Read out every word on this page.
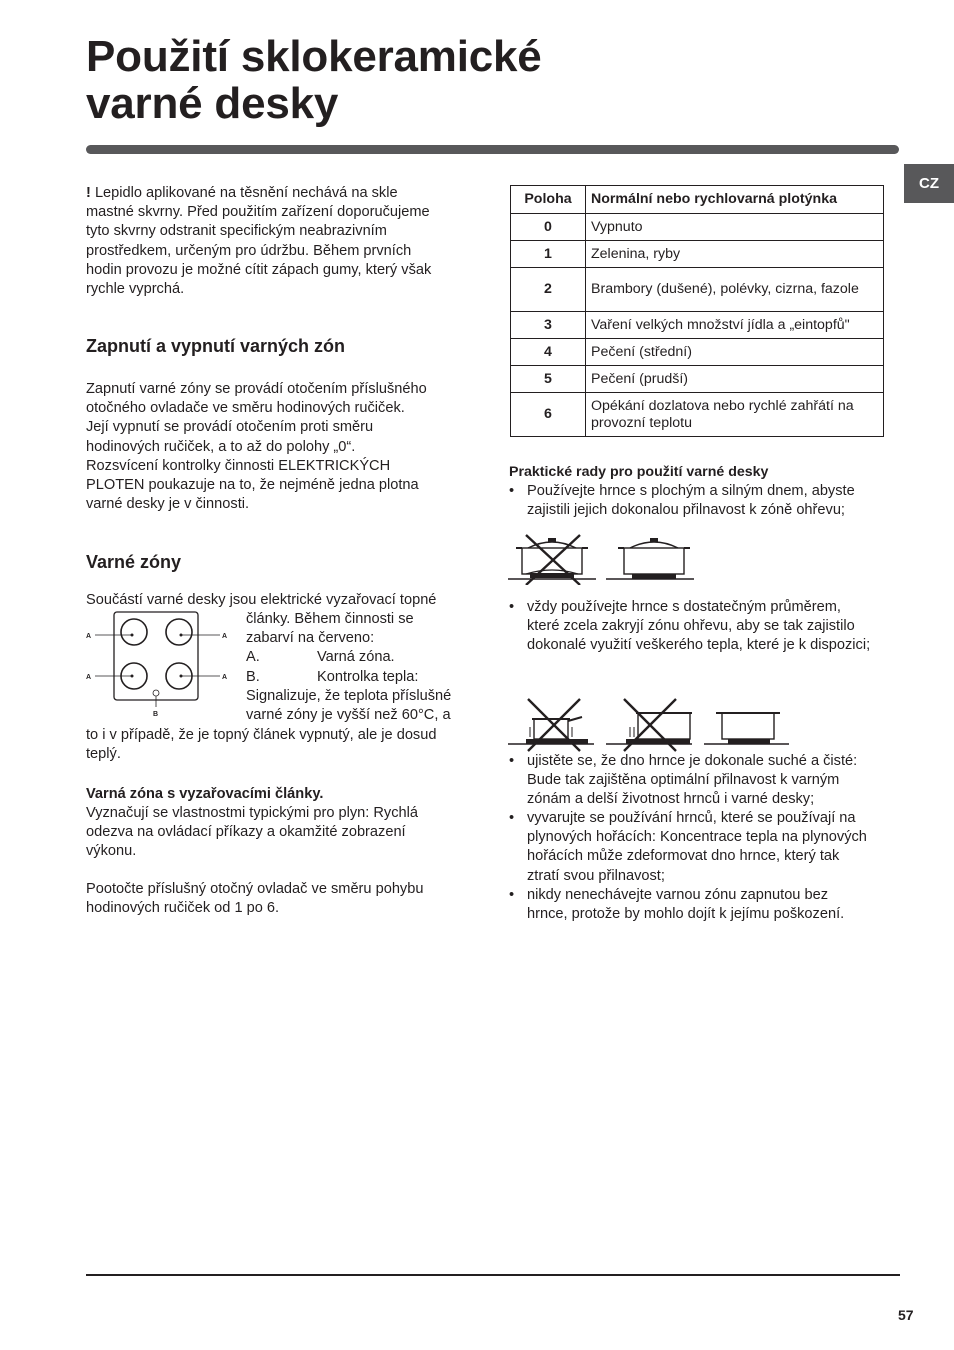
Použití sklokeramické
varné desky
CZ
! Lepidlo aplikované na těsnění nechává na skle
mastné skvrny. Před použitím zařízení doporučujeme
tyto skvrny odstranit specifickým neabrazivním
prostředkem, určeným pro údržbu. Během prvních
hodin provozu je možné cítit zápach gumy, který však
rychle vyprchá.
Zapnutí a vypnutí varných zón
Zapnutí varné zóny se provádí otočením příslušného
otočného ovladače ve směru hodinových ručiček.
Její vypnutí se provádí otočením proti směru
hodinových ručiček, a to až do polohy „0“.
Rozsvícení kontrolky činnosti ELEKTRICKÝCH
PLOTEN poukazuje na to, že nejméně jedna plotna
varné desky je v činnosti.
Varné zóny
Součástí varné desky jsou elektrické vyzařovací topné
A	A
A	A
B
články. Během činnosti se
zabarví na červeno:
A.	Varná zóna.
B.	Kontrolka tepla:
Signalizuje, že teplota příslušné
varné zóny je vyšší než 60°C, a
to i v případě, že je topný článek vypnutý, ale je dosud
teplý.
Varná zóna s vyzařovacími články.
Vyznačují se vlastnostmi typickými pro plyn: Rychlá
odezva na ovládací příkazy a okamžité zobrazení
výkonu.
Pootočte příslušný otočný ovladač ve směru pohybu
hodinových ručiček od 1 po 6.
Poloha	Normální nebo rychlovarná plotýnka
0	Vypnuto
1	Zelenina, ryby
2	Brambory (dušené), polévky, cizrna, fazole
3	Vaření velkých množství jídla a „eintopfů"
4	Pečení (střední)
5	Pečení (prudší)
6	Opékání dozlatova nebo rychlé zahřátí na provozní teplotu
Praktické rady pro použití varné desky
• Používejte hrnce s plochým a silným dnem, abyste
zajistili jejich dokonalou přilnavost k zóně ohřevu;
• vždy používejte hrnce s dostatečným průměrem,
které zcela zakryjí zónu ohřevu, aby se tak zajistilo
dokonalé využití veškerého tepla, které je k dispozici;
• ujistěte se, že dno hrnce je dokonale suché a čisté:
Bude tak zajištěna optimální přilnavost k varným
zónám a delší životnost hrnců i varné desky;
• vyvarujte se používání hrnců, které se používají na
plynových hořácích: Koncentrace tepla na plynových
hořácích může zdeformovat dno hrnce, který tak
ztratí svou přilnavost;
• nikdy nenechávejte varnou zónu zapnutou bez
hrnce, protože by mohlo dojít k jejímu poškození.
57
